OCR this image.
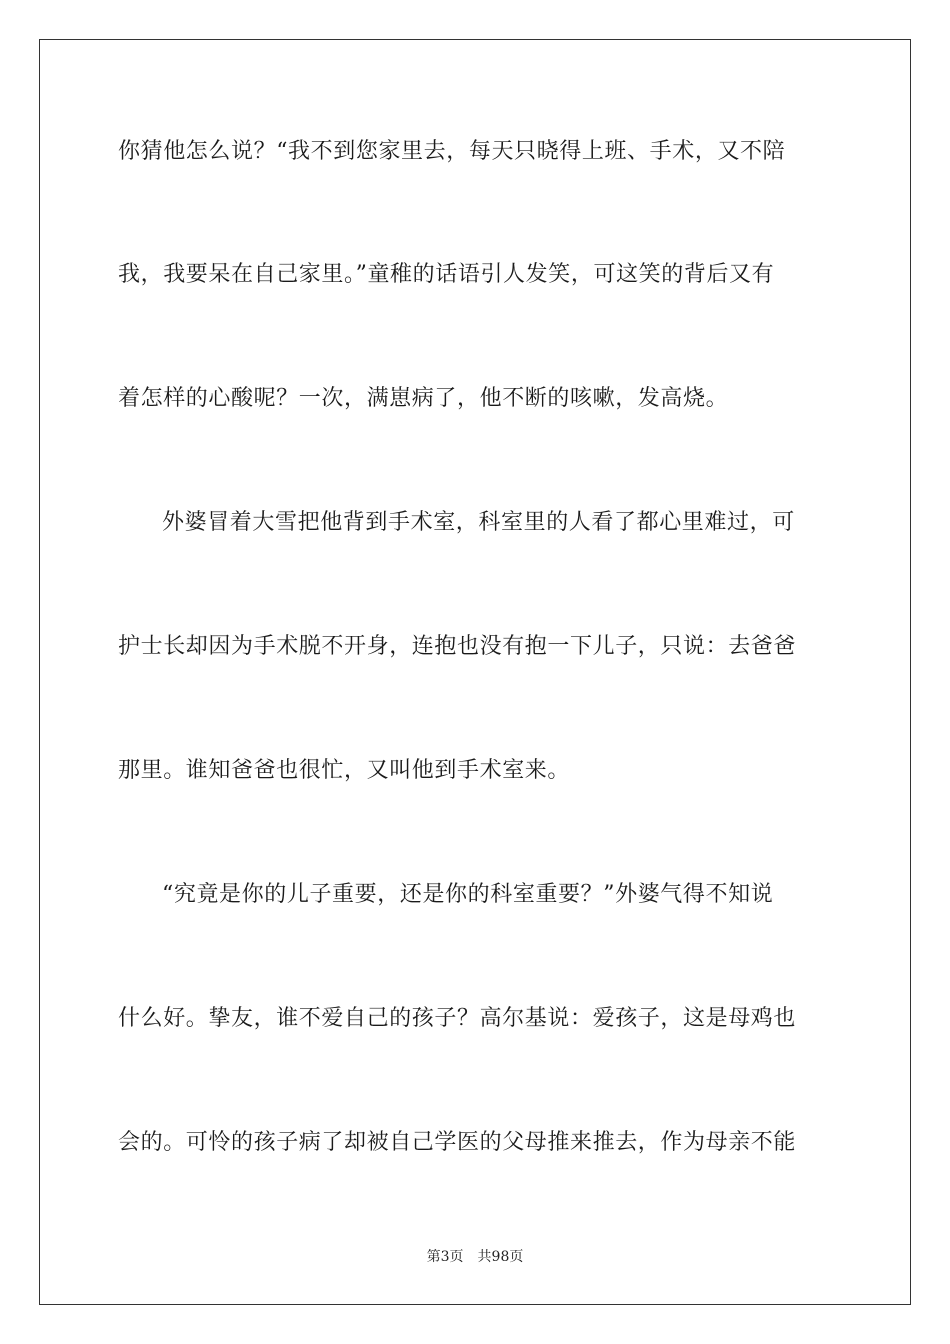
你猜他怎么说？“我不到您家里去，每天只晓得上班、手术，又不陪
我，我要呆在自己家里。”童稚的话语引人发笑，可这笑的背后又有
着怎样的心酸呢？一次，满崽病了，他不断的咳嗽，发高烧。
外婆冒着大雪把他背到手术室，科室里的人看了都心里难过，可
护士长却因为手术脱不开身，连抱也没有抱一下儿子，只说：去爸爸
那里。谁知爸爸也很忙，又叫他到手术室来。
“究竟是你的儿子重要，还是你的科室重要？”外婆气得不知说
什么好。挚友，谁不爱自己的孩子？高尔基说：爱孩子，这是母鸡也
会的。可怜的孩子病了却被自己学医的父母推来推去，作为母亲不能
第3页 共98页
